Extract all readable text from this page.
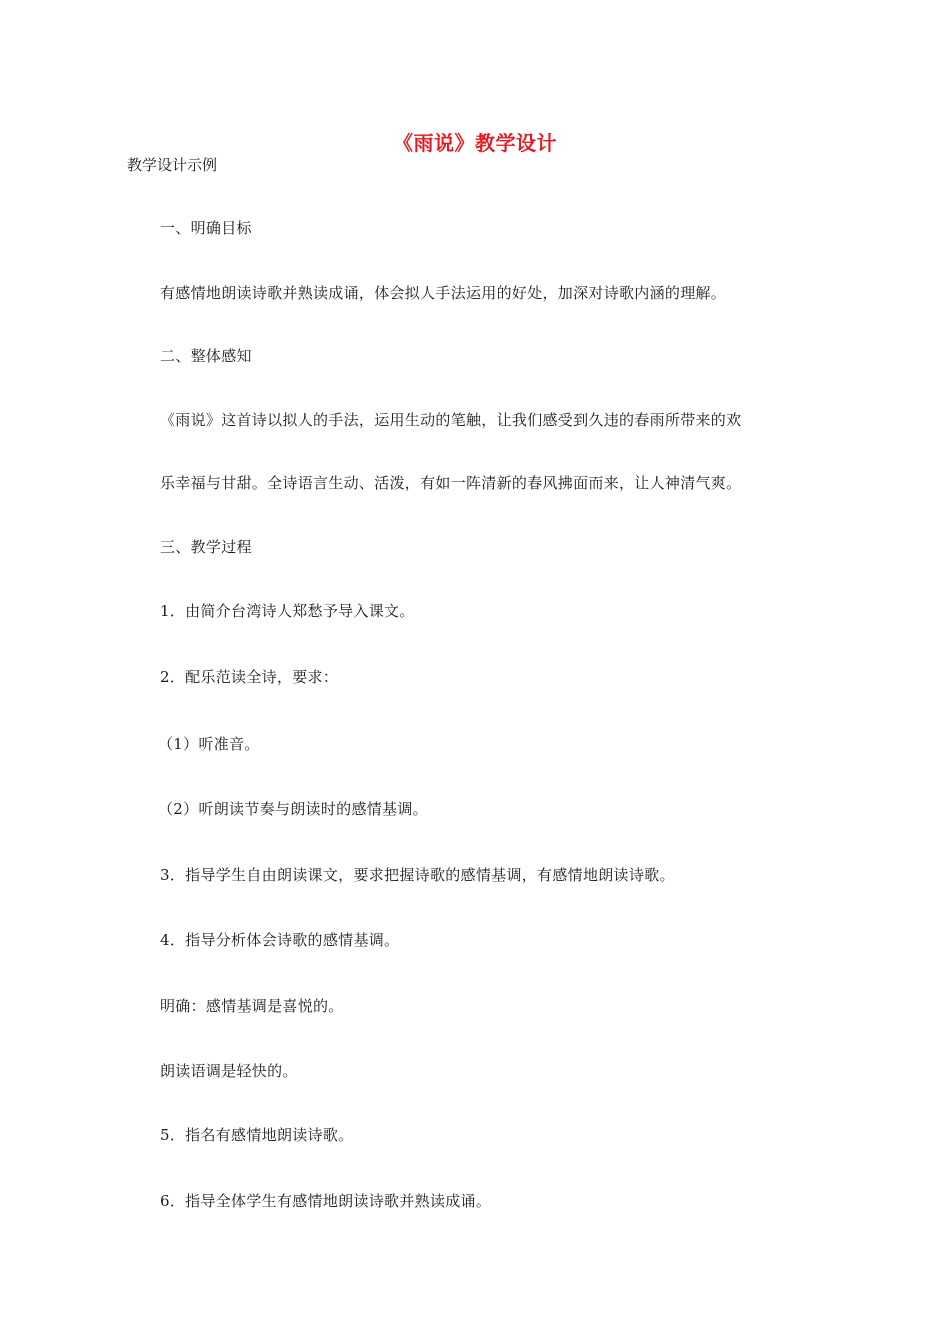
《雨说》教学设计
教学设计示例
一、明确目标
有感情地朗读诗歌并熟读成诵，体会拟人手法运用的好处，加深对诗歌内涵的理解。
二、整体感知
《雨说》这首诗以拟人的手法，运用生动的笔触，让我们感受到久违的春雨所带来的欢
乐幸福与甘甜。全诗语言生动、活泼，有如一阵清新的春风拂面而来，让人神清气爽。
三、教学过程
1．由简介台湾诗人郑愁予导入课文。
2．配乐范读全诗，要求：
（1）听准音。
（2）听朗读节奏与朗读时的感情基调。
3．指导学生自由朗读课文，要求把握诗歌的感情基调，有感情地朗读诗歌。
4．指导分析体会诗歌的感情基调。
明确：感情基调是喜悦的。
朗读语调是轻快的。
5．指名有感情地朗读诗歌。
6．指导全体学生有感情地朗读诗歌并熟读成诵。
